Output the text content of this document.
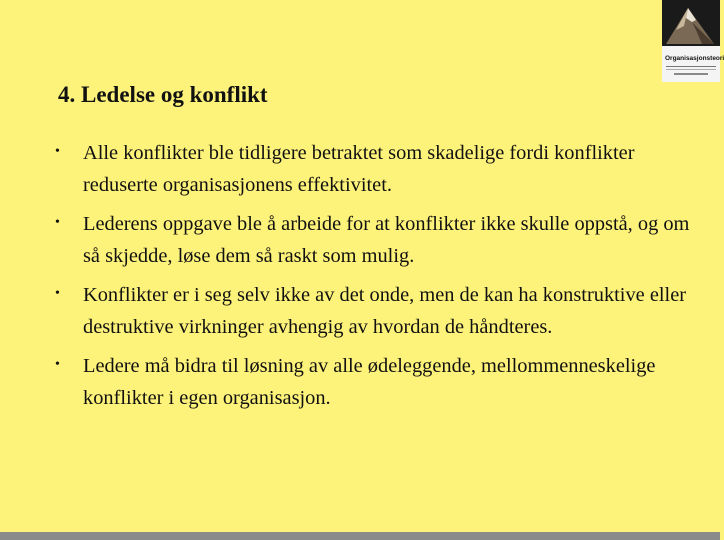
Organisasjonsteori
4. Ledelse og konflikt
• Alle konflikter ble tidligere betraktet som skadelige fordi konflikter reduserte organisasjonens effektivitet.
• Lederens oppgave ble å arbeide for at konflikter ikke skulle oppstå, og om så skjedde, løse dem så raskt som mulig.
• Konflikter er i seg selv ikke av det onde, men de kan ha konstruktive eller destruktive virkninger avhengig av hvordan de håndteres.
• Ledere må bidra til løsning av alle ødeleggende, mellommenneskelige konflikter i egen organisasjon.
